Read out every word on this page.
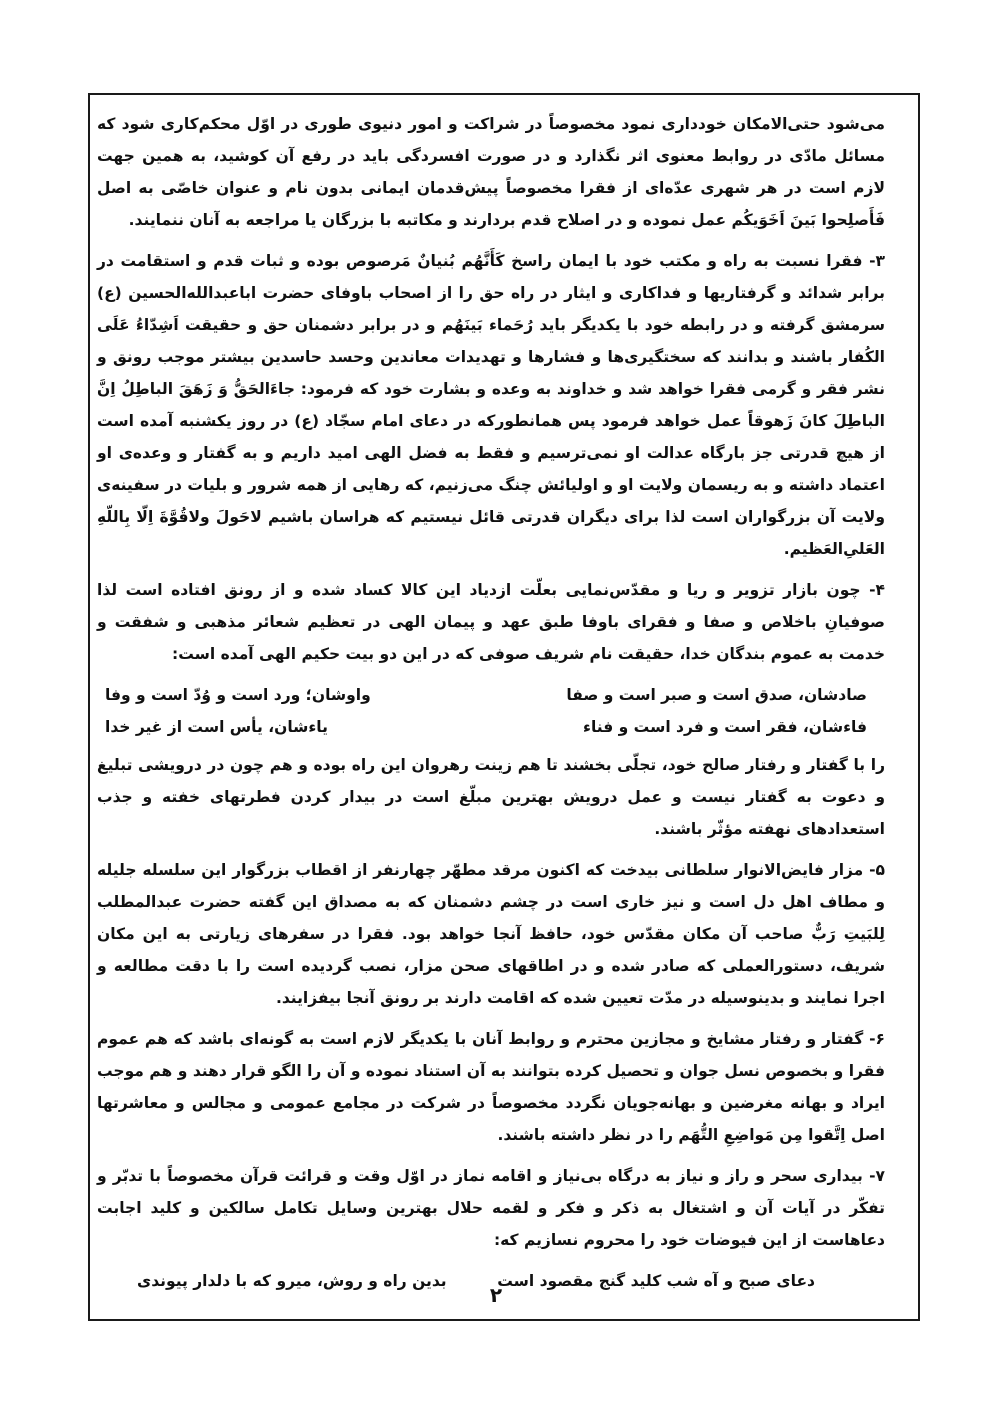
می‌شود حتی‌الامکان خودداری نمود مخصوصاً در شراکت و امور دنیوی طوری در اوّل محکم‌کاری شود که مسائل مادّی در روابط معنوی اثر نگذارد و در صورت افسردگی باید در رفع آن کوشید، به همین جهت لازم است در هر شهری عدّه‌ای از فقرا مخصوصاً پیش‌قدمان ایمانی بدون نام و عنوان خاصّی به اصل فَأَصلِحوا بَینَ اَخَوَیکُم عمل نموده و در اصلاح قدم بردارند و مکاتبه با بزرگان یا مراجعه به آنان ننمایند.

۳- فقرا نسبت به راه و مکتب خود با ایمان راسخ کَأَنَّهُم بُنیانٌ مَرصوص بوده و ثبات قدم و استقامت در برابر شدائد و گرفتاریها و فداکاری و ایثار در راه حق را از اصحاب باوفای حضرت اباعبدالله‌الحسین (ع) سرمشق گرفته و در رابطه خود با یکدیگر باید رُحَماء بَینَهُم و در برابر دشمنان حق و حقیقت اَشِدّاءُ عَلَی الکُفار باشند و بدانند که سختگیری‌ها و فشارها و تهدیدات معاندین وحسد حاسدین بیشتر موجب رونق و نشر فقر و گرمی فقرا خواهد شد و خداوند به وعده و بشارت خود که فرمود: جاءَالحَقُّ وَ زَهَقَ الباطِلُ اِنَّ الباطِلَ کانَ زَهوقاً عمل خواهد فرمود پس همانطورکه در دعای امام سجّاد (ع) در روز یکشنبه آمده است از هیچ قدرتی جز بارگاه عدالت او نمی‌ترسیم و فقط به فضل الهی امید داریم و به گفتار و وعده‌ی او اعتماد داشته و به ریسمان ولایت او و اولیائش چنگ می‌زنیم، که رهایی از همه شرور و بلیات در سفینه‌ی ولایت آن بزرگواران است لذا برای دیگران قدرتی قائل نیستیم که هراسان باشیم لاحَولَ ولاقُوَّةَ اِلّا بِاللّهِ العَلیِ‌العَظیم.

۴- چون بازار تزویر و ریا و مقدّس‌نمایی بعلّت ازدیاد این کالا کساد شده و از رونق افتاده است لذا صوفیانِ باخلاص و صفا و فقرای باوفا طبق عهد و پیمان الهی در تعظیم شعائر مذهبی و شفقت و خدمت به عموم بندگان خدا، حقیقت نام شریف صوفی که در این دو بیت حکیم الهی آمده است:

صادشان، صدق است و صبر است و صفا
واوشان؛ ورد است و وُدّ است و وفا
فاءشان، فقر است و فرد است و فناء
یاءشان، یأس است از غیر خدا

را با گفتار و رفتار صالح خود، تجلّی بخشند تا هم زینت رهروان این راه بوده و هم چون در درویشی تبلیغ و دعوت به گفتار نیست و عمل درویش بهترین مبلّغ است در بیدار کردن فطرتهای خفته و جذب استعدادهای نهفته مؤثّر باشند.

۵- مزار فایض‌الانوار سلطانی بیدخت که اکنون مرقد مطهّر چهارنفر از اقطاب بزرگوار این سلسله جلیله و مطاف اهل دل است و نیز خاری است در چشم دشمنان که به مصداق این گفته حضرت عبدالمطلب لِلبَیتِ رَبٌّ صاحب آن مکان مقدّس خود، حافظ آنجا خواهد بود. فقرا در سفرهای زیارتی به این مکان شریف، دستورالعملی که صادر شده و در اطاقهای صحن مزار، نصب گردیده است را با دقت مطالعه و اجرا نمایند و بدینوسیله در مدّت تعیین شده که اقامت دارند بر رونق آنجا بیفزایند.

۶- گفتار و رفتار مشایخ و مجازین محترم و روابط آنان با یکدیگر لازم است به گونه‌ای باشد که هم عموم فقرا و بخصوص نسل جوان و تحصیل کرده بتوانند به آن استناد نموده و آن را الگو قرار دهند و هم موجب ایراد و بهانه مغرضین و بهانه‌جویان نگردد مخصوصاً در شرکت در مجامع عمومی و مجالس و معاشرتها اصل اِتَّقوا مِن مَواضِعِ التُّهَم را در نظر داشته باشند.

۷- بیداری سحر و راز و نیاز به درگاه بی‌نیاز و اقامه نماز در اوّل وقت و قرائت قرآن مخصوصاً با تدبّر و تفکّر در آیات آن و اشتغال به ذکر و فکر و لقمه حلال بهترین وسایل تکامل سالکین و کلید اجابت دعاهاست از این فیوضات خود را محروم نسازیم که:

دعای صبح و آه شب کلید گنج مقصود است
بدین راه و روش، میرو که با دلدار پیوندی
۲
